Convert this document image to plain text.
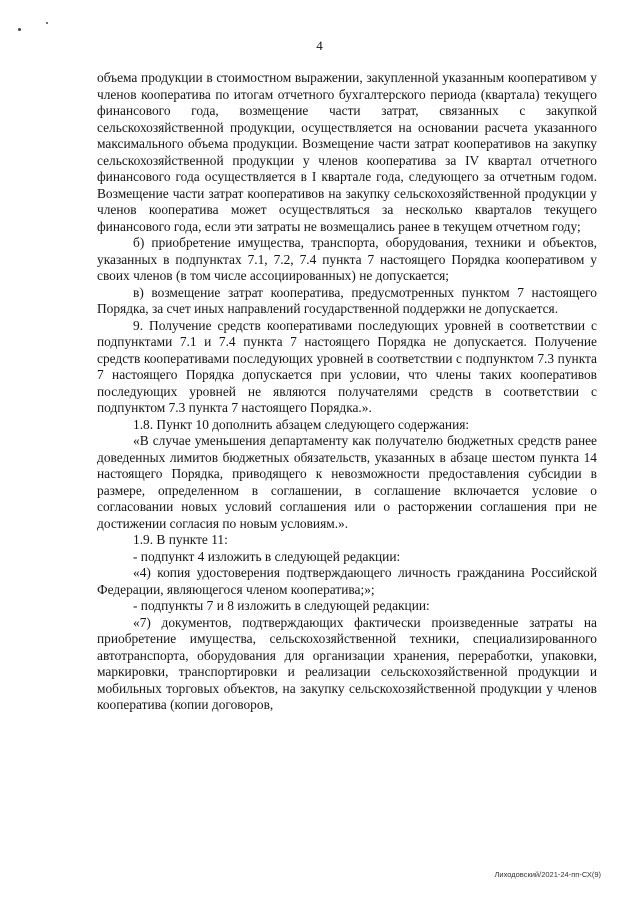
4

объема продукции в стоимостном выражении, закупленной указанным кооперативом у членов кооператива по итогам отчетного бухгалтерского периода (квартала) текущего финансового года, возмещение части затрат, связанных с закупкой сельскохозяйственной продукции, осуществляется на основании расчета указанного максимального объема продукции. Возмещение части затрат кооперативов на закупку сельскохозяйственной продукции у членов кооператива за IV квартал отчетного финансового года осуществляется в I квартале года, следующего за отчетным годом. Возмещение части затрат кооперативов на закупку сельскохозяйственной продукции у членов кооператива может осуществляться за несколько кварталов текущего финансового года, если эти затраты не возмещались ранее в текущем отчетном году;

б) приобретение имущества, транспорта, оборудования, техники и объектов, указанных в подпунктах 7.1, 7.2, 7.4 пункта 7 настоящего Порядка кооперативом у своих членов (в том числе ассоциированных) не допускается;

в) возмещение затрат кооператива, предусмотренных пунктом 7 настоящего Порядка, за счет иных направлений государственной поддержки не допускается.

9. Получение средств кооперативами последующих уровней в соответствии с подпунктами 7.1 и 7.4 пункта 7 настоящего Порядка не допускается. Получение средств кооперативами последующих уровней в соответствии с подпунктом 7.3 пункта 7 настоящего Порядка допускается при условии, что члены таких кооперативов последующих уровней не являются получателями средств в соответствии с подпунктом 7.3 пункта 7 настоящего Порядка.».

1.8. Пункт 10 дополнить абзацем следующего содержания:

«В случае уменьшения департаменту как получателю бюджетных средств ранее доведенных лимитов бюджетных обязательств, указанных в абзаце шестом пункта 14 настоящего Порядка, приводящего к невозможности предоставления субсидии в размере, определенном в соглашении, в соглашение включается условие о согласовании новых условий соглашения или о расторжении соглашения при не достижении согласия по новым условиям.».

1.9. В пункте 11:

- подпункт 4 изложить в следующей редакции:

«4) копия удостоверения подтверждающего личность гражданина Российской Федерации, являющегося членом кооператива;»;

- подпункты 7 и 8 изложить в следующей редакции:

«7) документов, подтверждающих фактически произведенные затраты на приобретение имущества, сельскохозяйственной техники, специализированного автотранспорта, оборудования для организации хранения, переработки, упаковки, маркировки, транспортировки и реализации сельскохозяйственной продукции и мобильных торговых объектов, на закупку сельскохозяйственной продукции у членов кооператива (копии договоров,

Лиходовский/2021-24-пп-СХ(9)
